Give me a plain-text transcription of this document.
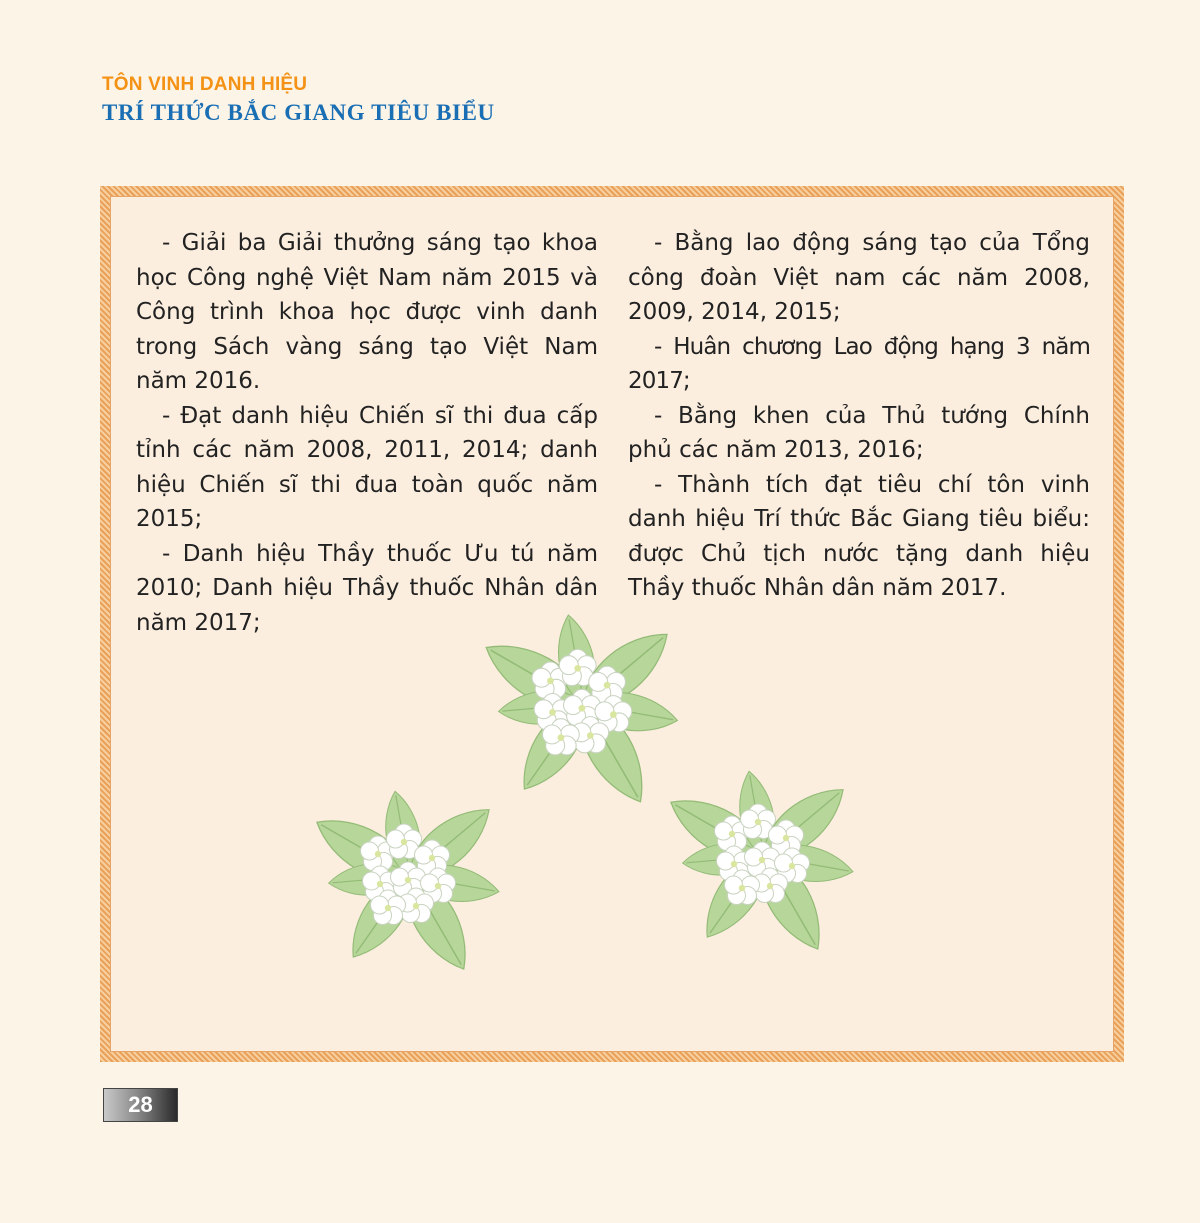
TÔN VINH DANH HIỆU
TRÍ THỨC BẮC GIANG TIÊU BIỂU

- Giải ba Giải thưởng sáng tạo khoa học Công nghệ Việt Nam năm 2015 và Công trình khoa học được vinh danh trong Sách vàng sáng tạo Việt Nam năm 2016.

- Đạt danh hiệu Chiến sĩ thi đua cấp tỉnh các năm 2008, 2011, 2014; danh hiệu Chiến sĩ thi đua toàn quốc năm 2015;

- Danh hiệu Thầy thuốc Ưu tú năm 2010; Danh hiệu Thầy thuốc Nhân dân năm 2017;

- Bằng lao động sáng tạo của Tổng công đoàn Việt nam các năm 2008, 2009, 2014, 2015;

- Huân chương Lao động hạng 3 năm 2017;

- Bằng khen của Thủ tướng Chính phủ các năm 2013, 2016;

- Thành tích đạt tiêu chí tôn vinh danh hiệu Trí thức Bắc Giang tiêu biểu: được Chủ tịch nước tặng danh hiệu Thầy thuốc Nhân dân năm 2017.

28
